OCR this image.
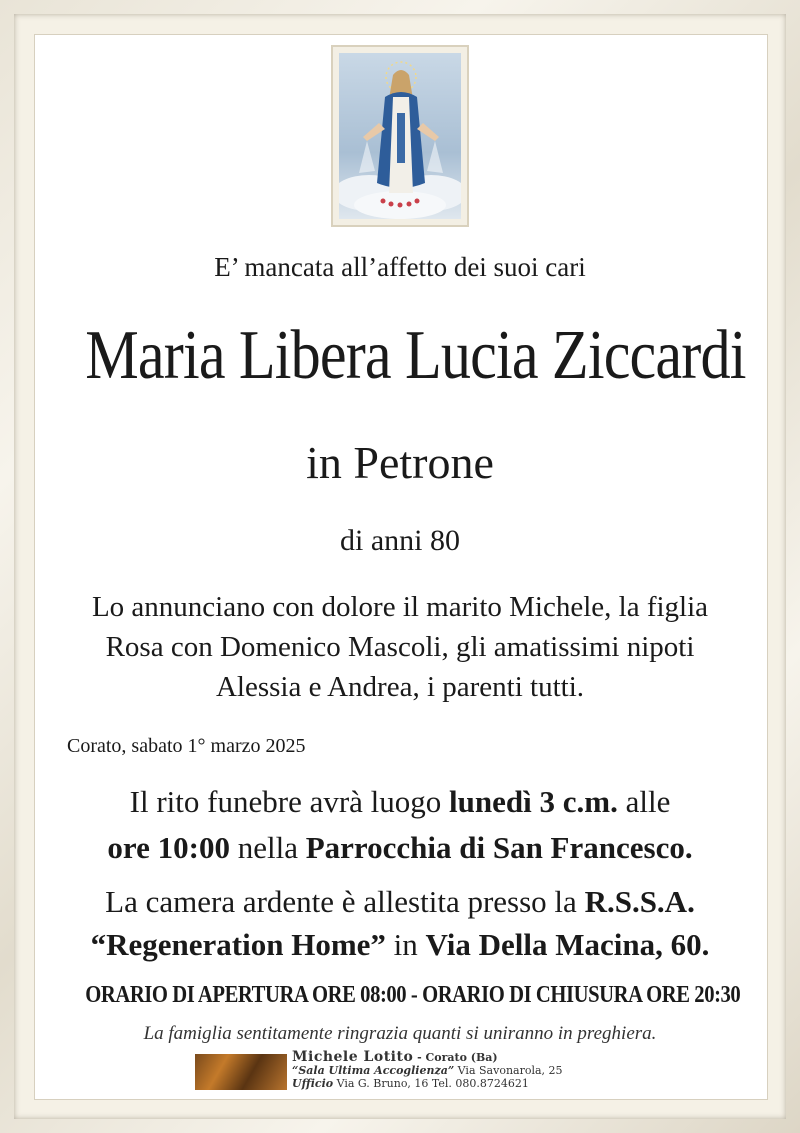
E’ mancata all’affetto dei suoi cari
Maria Libera Lucia Ziccardi
in Petrone
di anni 80
Lo annunciano con dolore il marito Michele, la figlia
Rosa con Domenico Mascoli, gli amatissimi nipoti
Alessia e Andrea, i parenti tutti.
Corato, sabato 1° marzo 2025
Il rito funebre avrà luogo lunedì 3 c.m. alle
ore 10:00 nella Parrocchia di San Francesco.
La camera ardente è allestita presso la R.S.S.A.
“Regeneration Home” in Via Della Macina, 60.
ORARIO DI APERTURA ORE 08:00 - ORARIO DI CHIUSURA ORE 20:30
La famiglia sentitamente ringrazia quanti si uniranno in preghiera.
Michele Lotito - Corato (Ba)
“Sala Ultima Accoglienza” Via Savonarola, 25
Ufficio Via G. Bruno, 16 Tel. 080.8724621
